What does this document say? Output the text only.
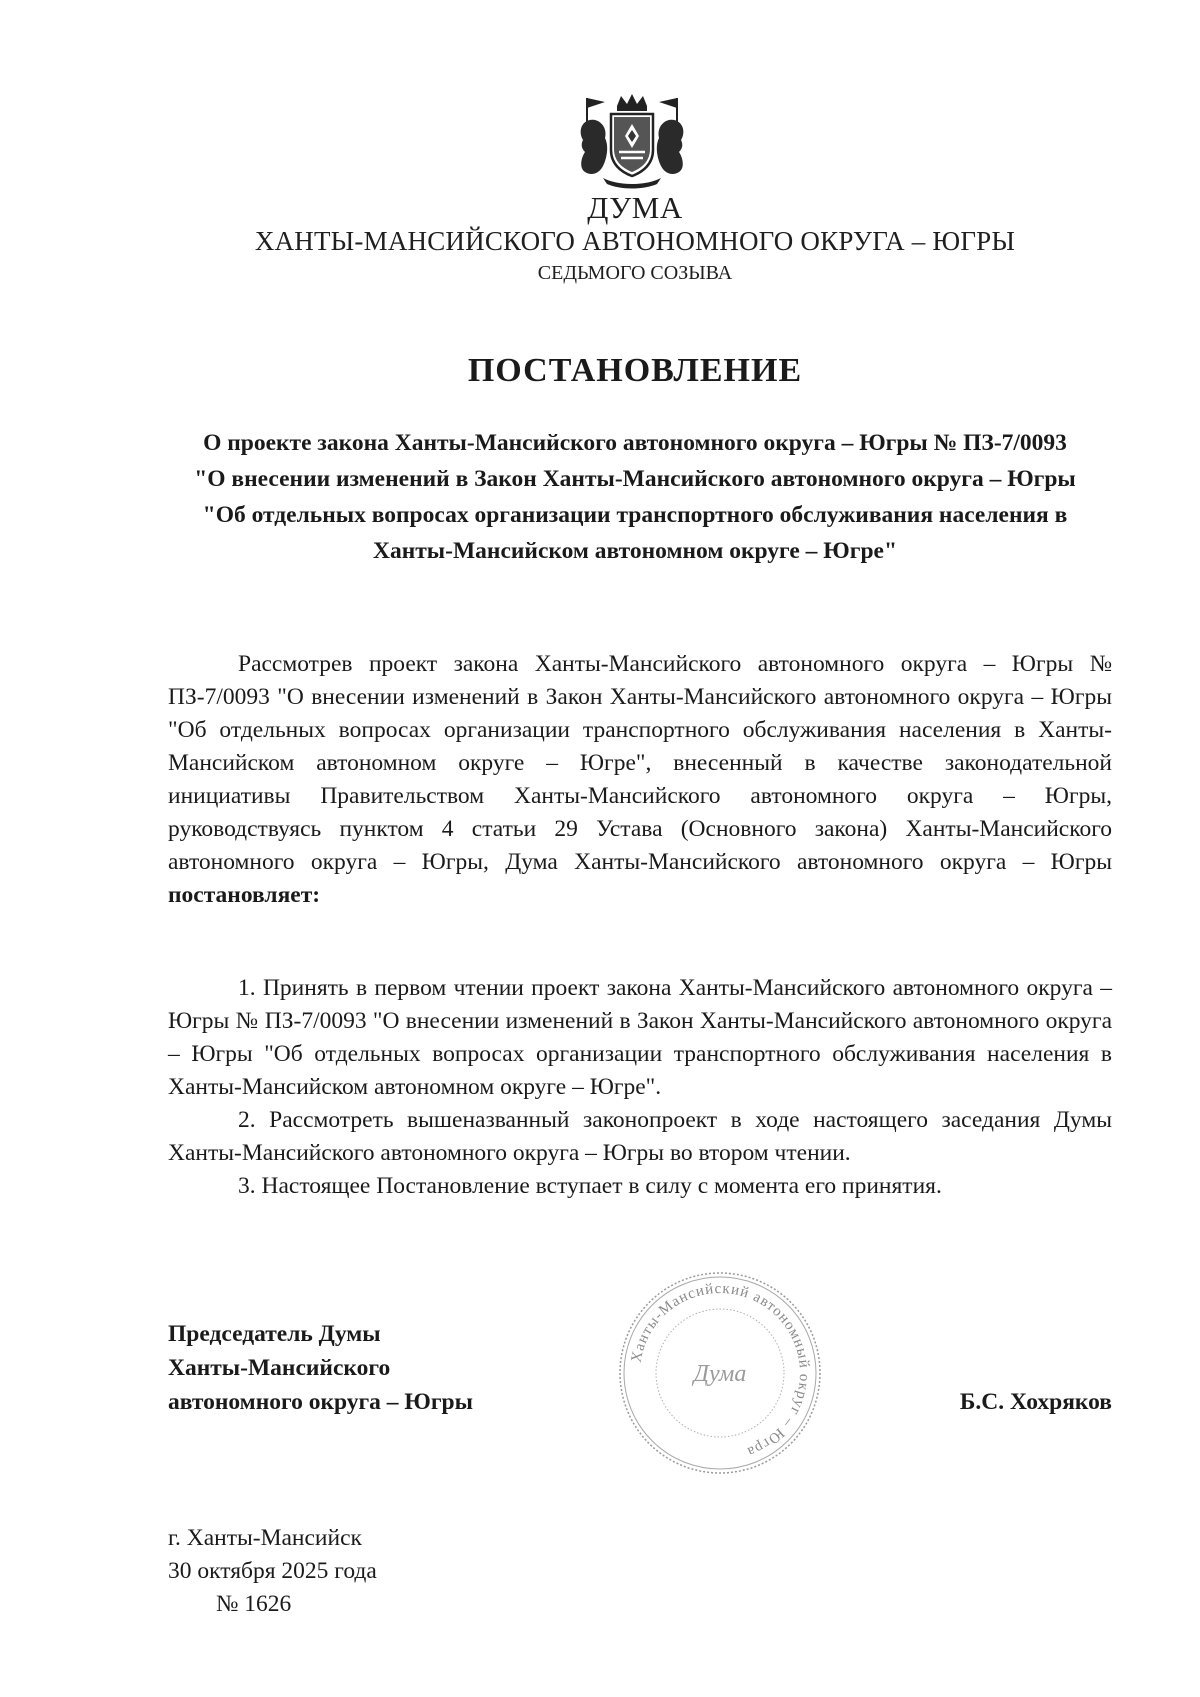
ДУМА
ХАНТЫ-МАНСИЙСКОГО АВТОНОМНОГО ОКРУГА – ЮГРЫ
СЕДЬМОГО СОЗЫВА
ПОСТАНОВЛЕНИЕ
О проекте закона Ханты-Мансийского автономного округа – Югры № ПЗ-7/0093 "О внесении изменений в Закон Ханты-Мансийского автономного округа – Югры "Об отдельных вопросах организации транспортного обслуживания населения в Ханты-Мансийском автономном округе – Югре"

Рассмотрев проект закона Ханты-Мансийского автономного округа – Югры № ПЗ-7/0093 "О внесении изменений в Закон Ханты-Мансийского автономного округа – Югры "Об отдельных вопросах организации транспортного обслуживания населения в Ханты-Мансийском автономном округе – Югре", внесенный в качестве законодательной инициативы Правительством Ханты-Мансийского автономного округа – Югры, руководствуясь пунктом 4 статьи 29 Устава (Основного закона) Ханты-Мансийского автономного округа – Югры, Дума Ханты-Мансийского автономного округа – Югры постановляет:

1. Принять в первом чтении проект закона Ханты-Мансийского автономного округа – Югры № ПЗ-7/0093 "О внесении изменений в Закон Ханты-Мансийского автономного округа – Югры "Об отдельных вопросах организации транспортного обслуживания населения в Ханты-Мансийском автономном округе – Югре".

2. Рассмотреть вышеназванный законопроект в ходе настоящего заседания Думы Ханты-Мансийского автономного округа – Югры во втором чтении.

3. Настоящее Постановление вступает в силу с момента его принятия.

Председатель Думы
Ханты-Мансийского
автономного округа – Югры
Ханты-Мансийский автономный округ – Югра
Дума
Б.С. Хохряков
г. Ханты-Мансийск
30 октября 2025 года
№ 1626
